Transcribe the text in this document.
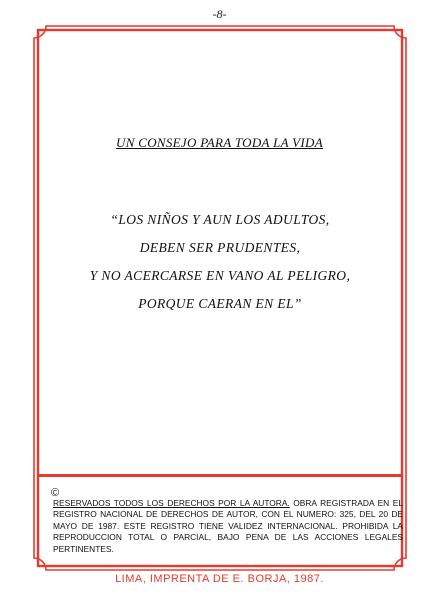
-8-
UN CONSEJO PARA TODA LA VIDA
“LOS NIÑOS Y AUN LOS ADULTOS,
DEBEN SER PRUDENTES,
Y NO ACERCARSE EN VANO AL PELIGRO,
PORQUE CAERAN EN EL”
©
RESERVADOS TODOS LOS DERECHOS POR LA AUTORA. OBRA REGISTRADA EN EL REGISTRO NACIONAL DE DERECHOS DE AUTOR, CON EL NUMERO: 325, DEL 20 DE MAYO DE 1987. ESTE REGISTRO TIENE VALIDEZ INTERNACIONAL. PROHIBIDA LA REPRODUCCION TOTAL O PARCIAL, BAJO PENA DE LAS ACCIONES LEGALES PERTINENTES.
LIMA, IMPRENTA DE E. BORJA, 1987.
